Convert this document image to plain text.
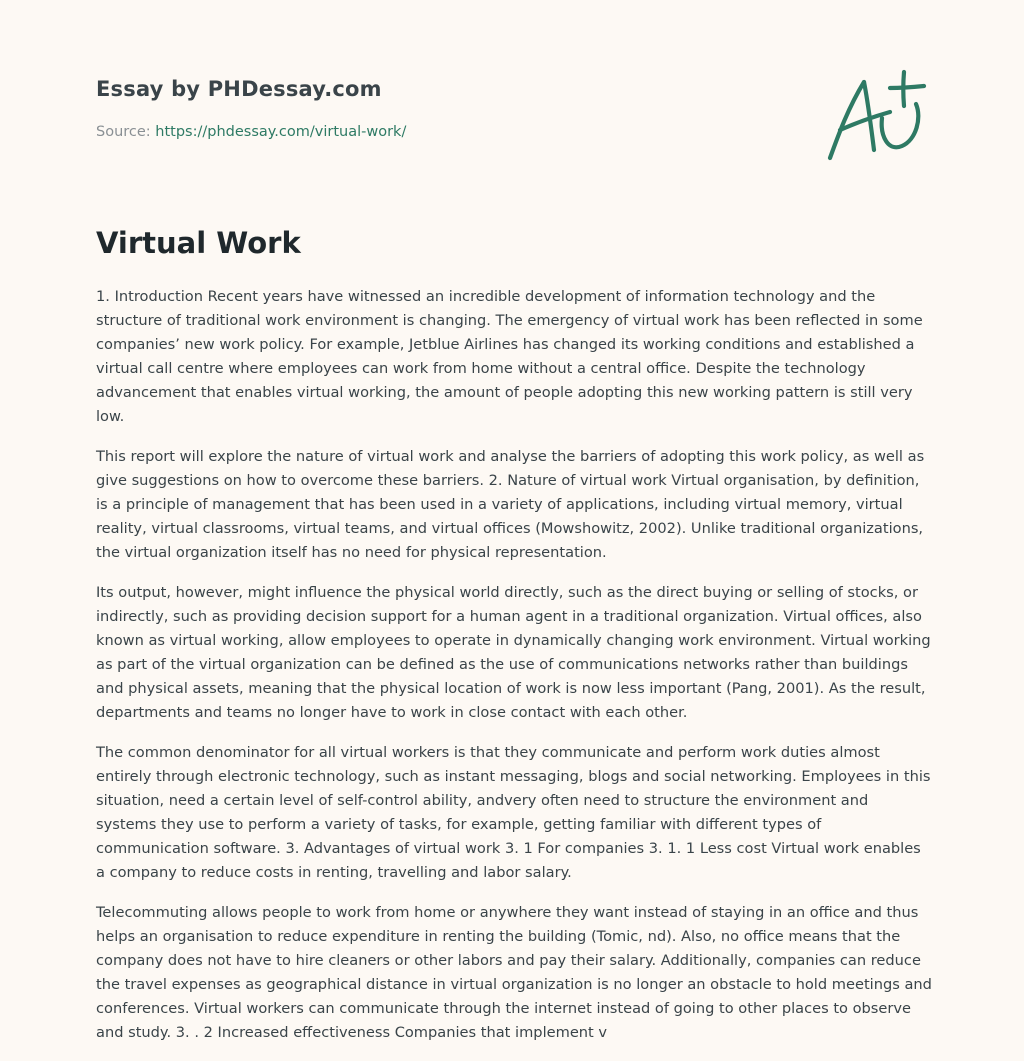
Essay by PHDessay.com

Source: https://phdessay.com/virtual-work/

Virtual Work

1. Introduction Recent years have witnessed an incredible development of information technology and the structure of traditional work environment is changing. The emergency of virtual work has been reflected in some companies’ new work policy. For example, Jetblue Airlines has changed its working conditions and established a virtual call centre where employees can work from home without a central office. Despite the technology advancement that enables virtual working, the amount of people adopting this new working pattern is still very low.

This report will explore the nature of virtual work and analyse the barriers of adopting this work policy, as well as give suggestions on how to overcome these barriers. 2. Nature of virtual work Virtual organisation, by definition, is a principle of management that has been used in a variety of applications, including virtual memory, virtual reality, virtual classrooms, virtual teams, and virtual offices (Mowshowitz, 2002). Unlike traditional organizations, the virtual organization itself has no need for physical representation.

Its output, however, might influence the physical world directly, such as the direct buying or selling of stocks, or indirectly, such as providing decision support for a human agent in a traditional organization. Virtual offices, also known as virtual working, allow employees to operate in dynamically changing work environment. Virtual working as part of the virtual organization can be defined as the use of communications networks rather than buildings and physical assets, meaning that the physical location of work is now less important (Pang, 2001). As the result, departments and teams no longer have to work in close contact with each other.

The common denominator for all virtual workers is that they communicate and perform work duties almost entirely through electronic technology, such as instant messaging, blogs and social networking. Employees in this situation, need a certain level of self-control ability, andvery often need to structure the environment and systems they use to perform a variety of tasks, for example, getting familiar with different types of communication software. 3. Advantages of virtual work 3. 1 For companies 3. 1. 1 Less cost Virtual work enables a company to reduce costs in renting, travelling and labor salary.

Telecommuting allows people to work from home or anywhere they want instead of staying in an office and thus helps an organisation to reduce expenditure in renting the building (Tomic, nd). Also, no office means that the company does not have to hire cleaners or other labors and pay their salary. Additionally, companies can reduce the travel expenses as geographical distance in virtual organization is no longer an obstacle to hold meetings and conferences. Virtual workers can communicate through the internet instead of going to other places to observe and study. 3. . 2 Increased effectiveness Companies that implement v
